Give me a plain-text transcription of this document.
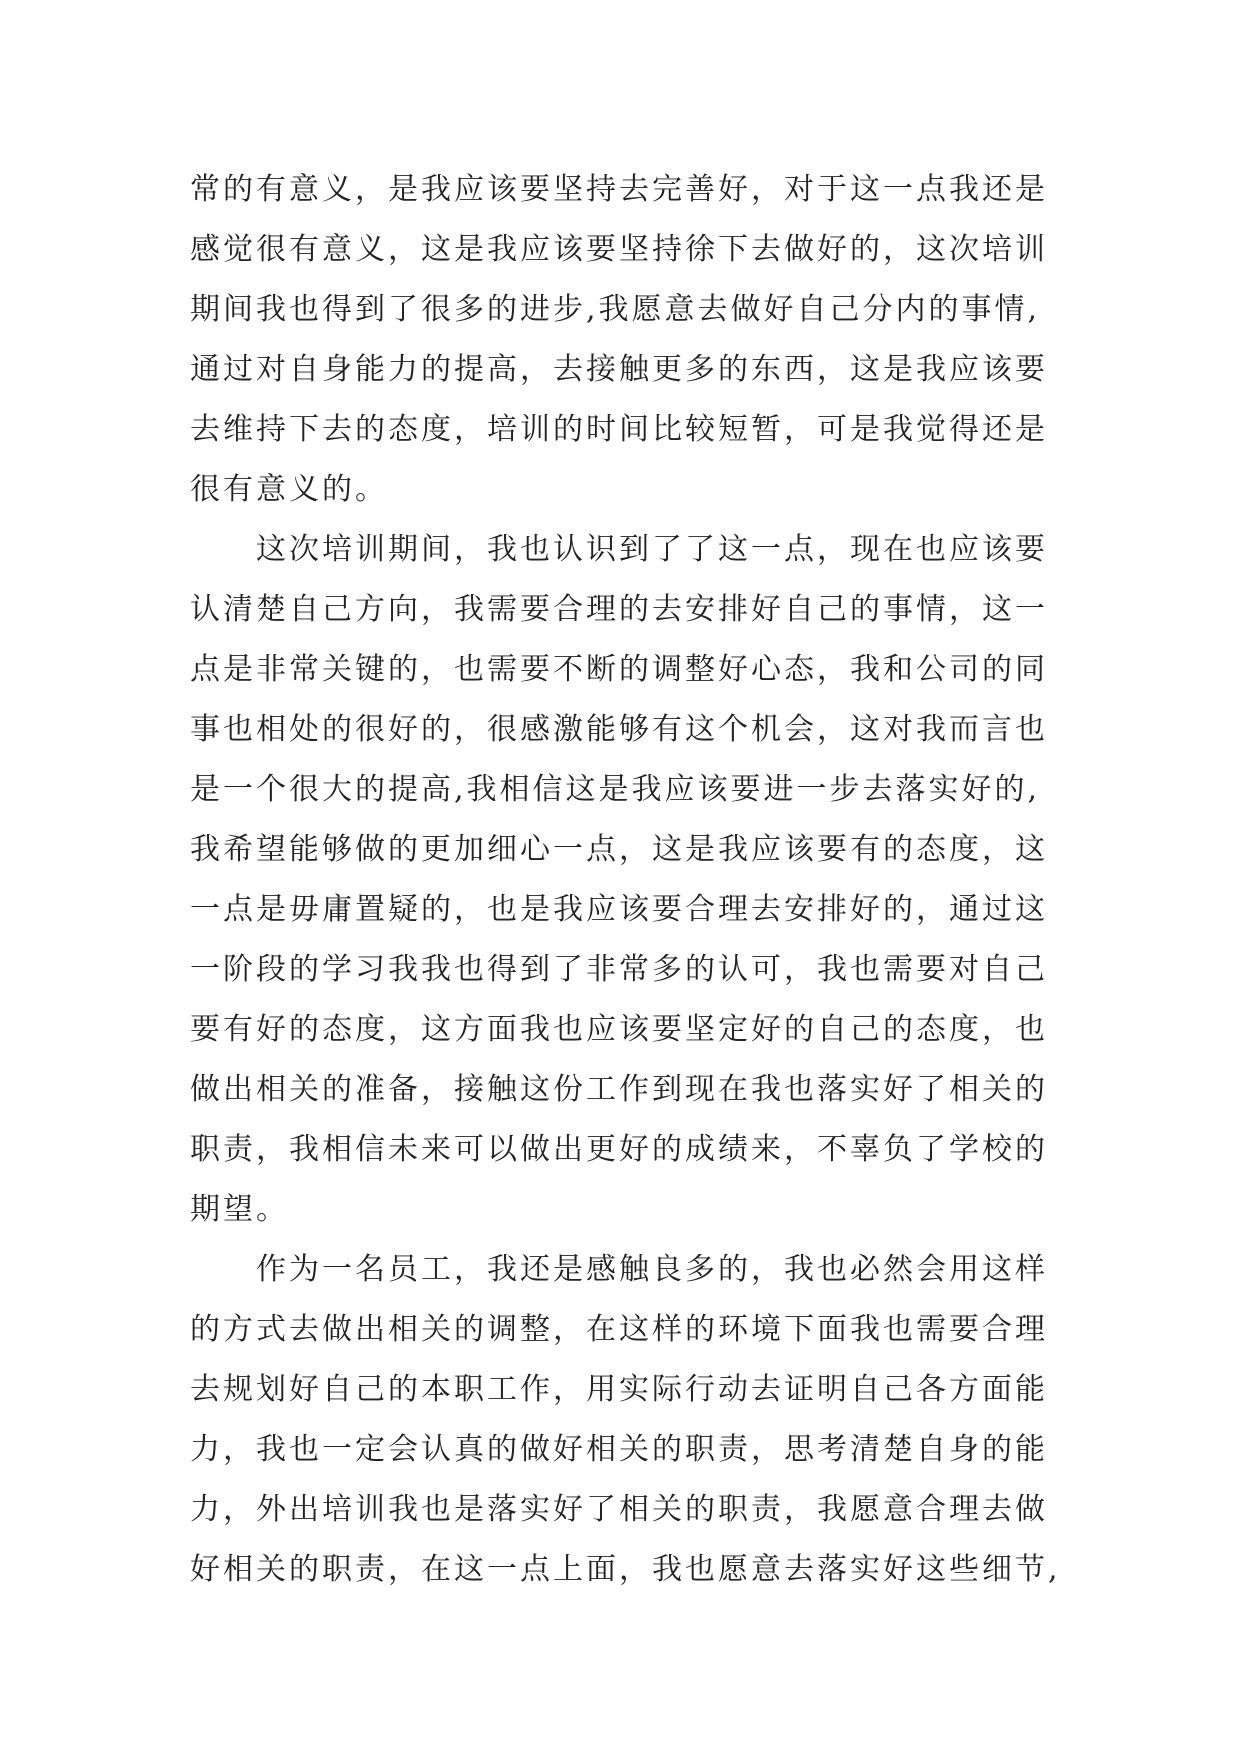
常的有意义，是我应该要坚持去完善好，对于这一点我还是
感觉很有意义，这是我应该要坚持徐下去做好的，这次培训
期间我也得到了很多的进步,我愿意去做好自己分内的事情,
通过对自身能力的提高，去接触更多的东西，这是我应该要
去维持下去的态度，培训的时间比较短暂，可是我觉得还是
很有意义的。
　　这次培训期间，我也认识到了了这一点，现在也应该要
认清楚自己方向，我需要合理的去安排好自己的事情，这一
点是非常关键的，也需要不断的调整好心态，我和公司的同
事也相处的很好的，很感激能够有这个机会，这对我而言也
是一个很大的提高,我相信这是我应该要进一步去落实好的,
我希望能够做的更加细心一点，这是我应该要有的态度，这
一点是毋庸置疑的，也是我应该要合理去安排好的，通过这
一阶段的学习我我也得到了非常多的认可，我也需要对自己
要有好的态度，这方面我也应该要坚定好的自己的态度，也
做出相关的准备，接触这份工作到现在我也落实好了相关的
职责，我相信未来可以做出更好的成绩来，不辜负了学校的
期望。
　　作为一名员工，我还是感触良多的，我也必然会用这样
的方式去做出相关的调整，在这样的环境下面我也需要合理
去规划好自己的本职工作，用实际行动去证明自己各方面能
力，我也一定会认真的做好相关的职责，思考清楚自身的能
力，外出培训我也是落实好了相关的职责，我愿意合理去做
好相关的职责，在这一点上面，我也愿意去落实好这些细节,
